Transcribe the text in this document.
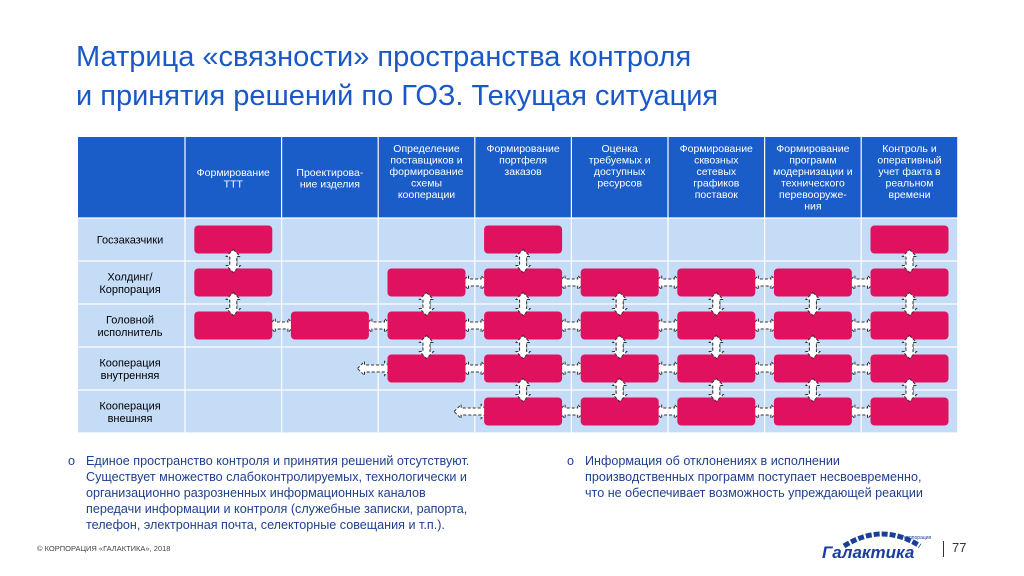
Матрица «связности» пространства контроля
и принятия решений по ГОЗ. Текущая ситуация
Формирование ТТТ
Проектирова-ние изделия
Определение поставщиков и формирование схемы кооперации
Формирование портфеля заказов
Оценка требуемых и доступных ресурсов
Формирование сквозных сетевых графиков поставок
Формирование программ модернизации и технического перевооруже-ния
Контроль и оперативный учет факта в реальном времени
Госзаказчики
Холдинг/ Корпорация
Головной исполнитель
Кооперация внутренняя
Кооперация внешняя
o Единое пространство контроля и принятия решений отсутствуют.
Существует множество слабоконтролируемых, технологически и
организационно разрозненных информационных каналов
передачи информации и контроля (служебные записки, рапорта,
телефон, электронная почта, селекторные совещания и т.п.).
o Информация об отклонениях в исполнении
производственных программ поступает несвоевременно,
что не обеспечивает возможность упреждающей реакции
© КОРПОРАЦИЯ «ГАЛАКТИКА», 2018
корпорация
Галактика	77
